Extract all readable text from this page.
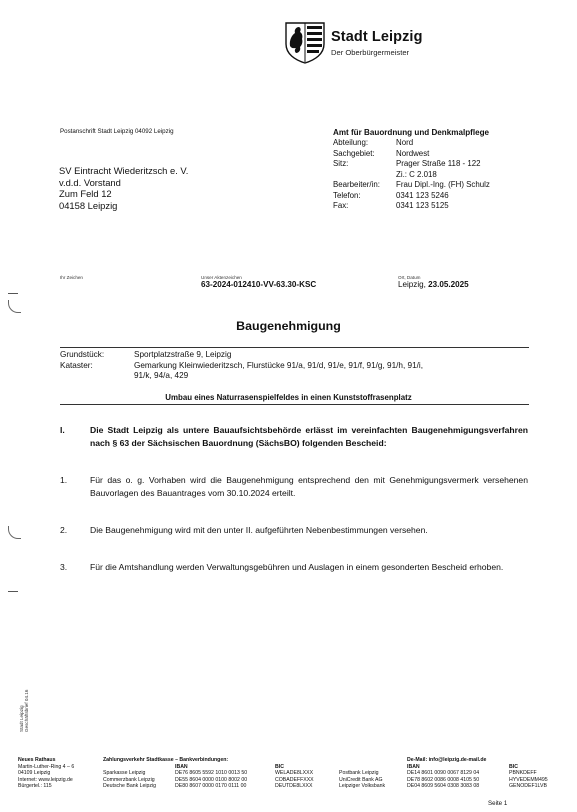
Stadt Leipzig
Der Oberbürgermeister
Postanschrift Stadt Leipzig 04092 Leipzig
SV Eintracht Wiederitzsch e. V.
v.d.d. Vorstand
Zum Feld 12
04158 Leipzig
Amt für Bauordnung und Denkmalpflege
Abteilung:	Nord
Sachgebiet:	Nordwest
Sitz:	Prager Straße 118 - 122
Zi.: C 2.018
Bearbeiter/in:	Frau Dipl.-Ing. (FH) Schulz
Telefon:	0341 123 5246
Fax:	0341 123 5125
Ihr Zeichen	Unser Aktenzeichen
63-2024-012410-VV-63.30-KSC
Ort, Datum
Leipzig, 23.05.2025
Baugenehmigung
Grundstück:	Sportplatzstraße 9, Leipzig
Kataster:	Gemarkung Kleinwiederitzsch, Flurstücke 91/a, 91/d, 91/e, 91/f, 91/g, 91/h, 91/i,
91/k, 94/a, 429
Umbau eines Naturrasenspielfeldes in einen Kunststoffrasenplatz
I.	Die Stadt Leipzig als untere Bauaufsichtsbehörde erlässt im vereinfachten Baugenehmigungsverfahren nach § 63 der Sächsischen Bauordnung (SächsBO) folgenden Bescheid:
1.	Für das o. g. Vorhaben wird die Baugenehmigung entsprechend den mit Genehmigungsvermerk versehenen Bauvorlagen des Bauantrages vom 30.10.2024 erteilt.
2.	Die Baugenehmigung wird mit den unter II. aufgeführten Nebenbestimmungen versehen.
3.	Für die Amtshandlung werden Verwaltungsgebühren und Auslagen in einem gesonderten Bescheid erhoben.
Stadt Leipzig Geschäftsbrief 04.16
Neues Rathaus
Martin-Luther-Ring 4 – 6
04109 Leipzig
Internet: www.leipzig.de
Bürgertel.: 115
Zahlungsverkehr Stadtkasse – Bankverbindungen:
IBAN	BIC
Sparkasse Leipzig	DE76 8605 5592 1010 0013 50	WELADE8LXXX
Commerzbank Leipzig	DE55 8604 0000 0100 8002 00	COBADEFFXXX
Deutsche Bank Leipzig	DE80 8607 0000 0170 0111 00	DEUTDE8LXXX
De-Mail: info@leipzig.de-mail.de
IBAN	BIC
Postbank Leipzig	DE14 8601 0090 0067 8129 04	PBNKDEFF
UniCredit Bank AG	DE78 8602 0086 0008 4105 50	HYVEDEMM495
Leipziger Volksbank	DE04 8609 5604 0308 3083 08	GENODEF1LVB
Seite 1
